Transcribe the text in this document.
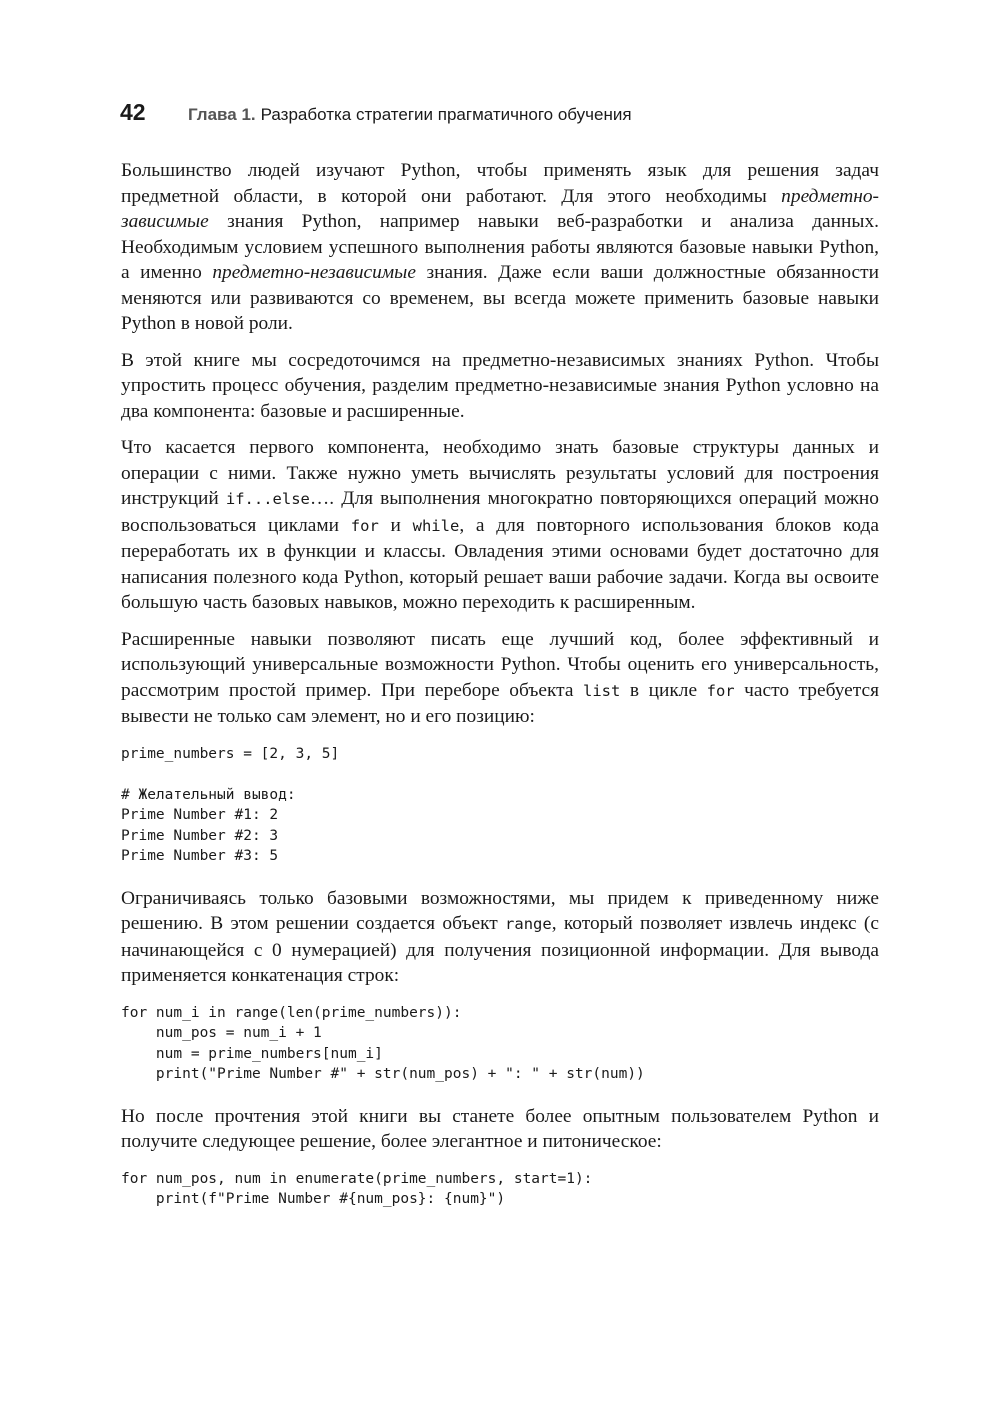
42	Глава 1. Разработка стратегии прагматичного обучения

Большинство людей изучают Python, чтобы применять язык для решения задач предметной области, в которой они работают. Для этого необходимы предметно-зависимые знания Python, например навыки веб-разработки и анализа данных. Необходимым условием успешного выполнения работы являются базовые навыки Python, а именно предметно-независимые знания. Даже если ваши должностные обязанности меняются или развиваются со временем, вы всегда можете применить базовые навыки Python в новой роли.

В этой книге мы сосредоточимся на предметно-независимых знаниях Python. Чтобы упростить процесс обучения, разделим предметно-независимые знания Python условно на два компонента: базовые и расширенные.

Что касается первого компонента, необходимо знать базовые структуры данных и операции с ними. Также нужно уметь вычислять результаты условий для построения инструкций if...else…. Для выполнения многократно повторяющихся операций можно воспользоваться циклами for и while, а для повторного использования блоков кода переработать их в функции и классы. Овладения этими основами будет достаточно для написания полезного кода Python, который решает ваши рабочие задачи. Когда вы освоите большую часть базовых навыков, можно переходить к расширенным.

Расширенные навыки позволяют писать еще лучший код, более эффективный и использующий универсальные возможности Python. Чтобы оценить его универсальность, рассмотрим простой пример. При переборе объекта list в цикле for часто требуется вывести не только сам элемент, но и его позицию:

prime_numbers = [2, 3, 5]

# Желательный вывод:
Prime Number #1: 2
Prime Number #2: 3
Prime Number #3: 5

Ограничиваясь только базовыми возможностями, мы придем к приведенному ниже решению. В этом решении создается объект range, который позволяет извлечь индекс (с начинающейся с 0 нумерацией) для получения позиционной информации. Для вывода применяется конкатенация строк:

for num_i in range(len(prime_numbers)):
num_pos = num_i + 1
num = prime_numbers[num_i]
print("Prime Number #" + str(num_pos) + ": " + str(num))

Но после прочтения этой книги вы станете более опытным пользователем Python и получите следующее решение, более элегантное и питоническое:

for num_pos, num in enumerate(prime_numbers, start=1):
print(f"Prime Number #{num_pos}: {num}")
